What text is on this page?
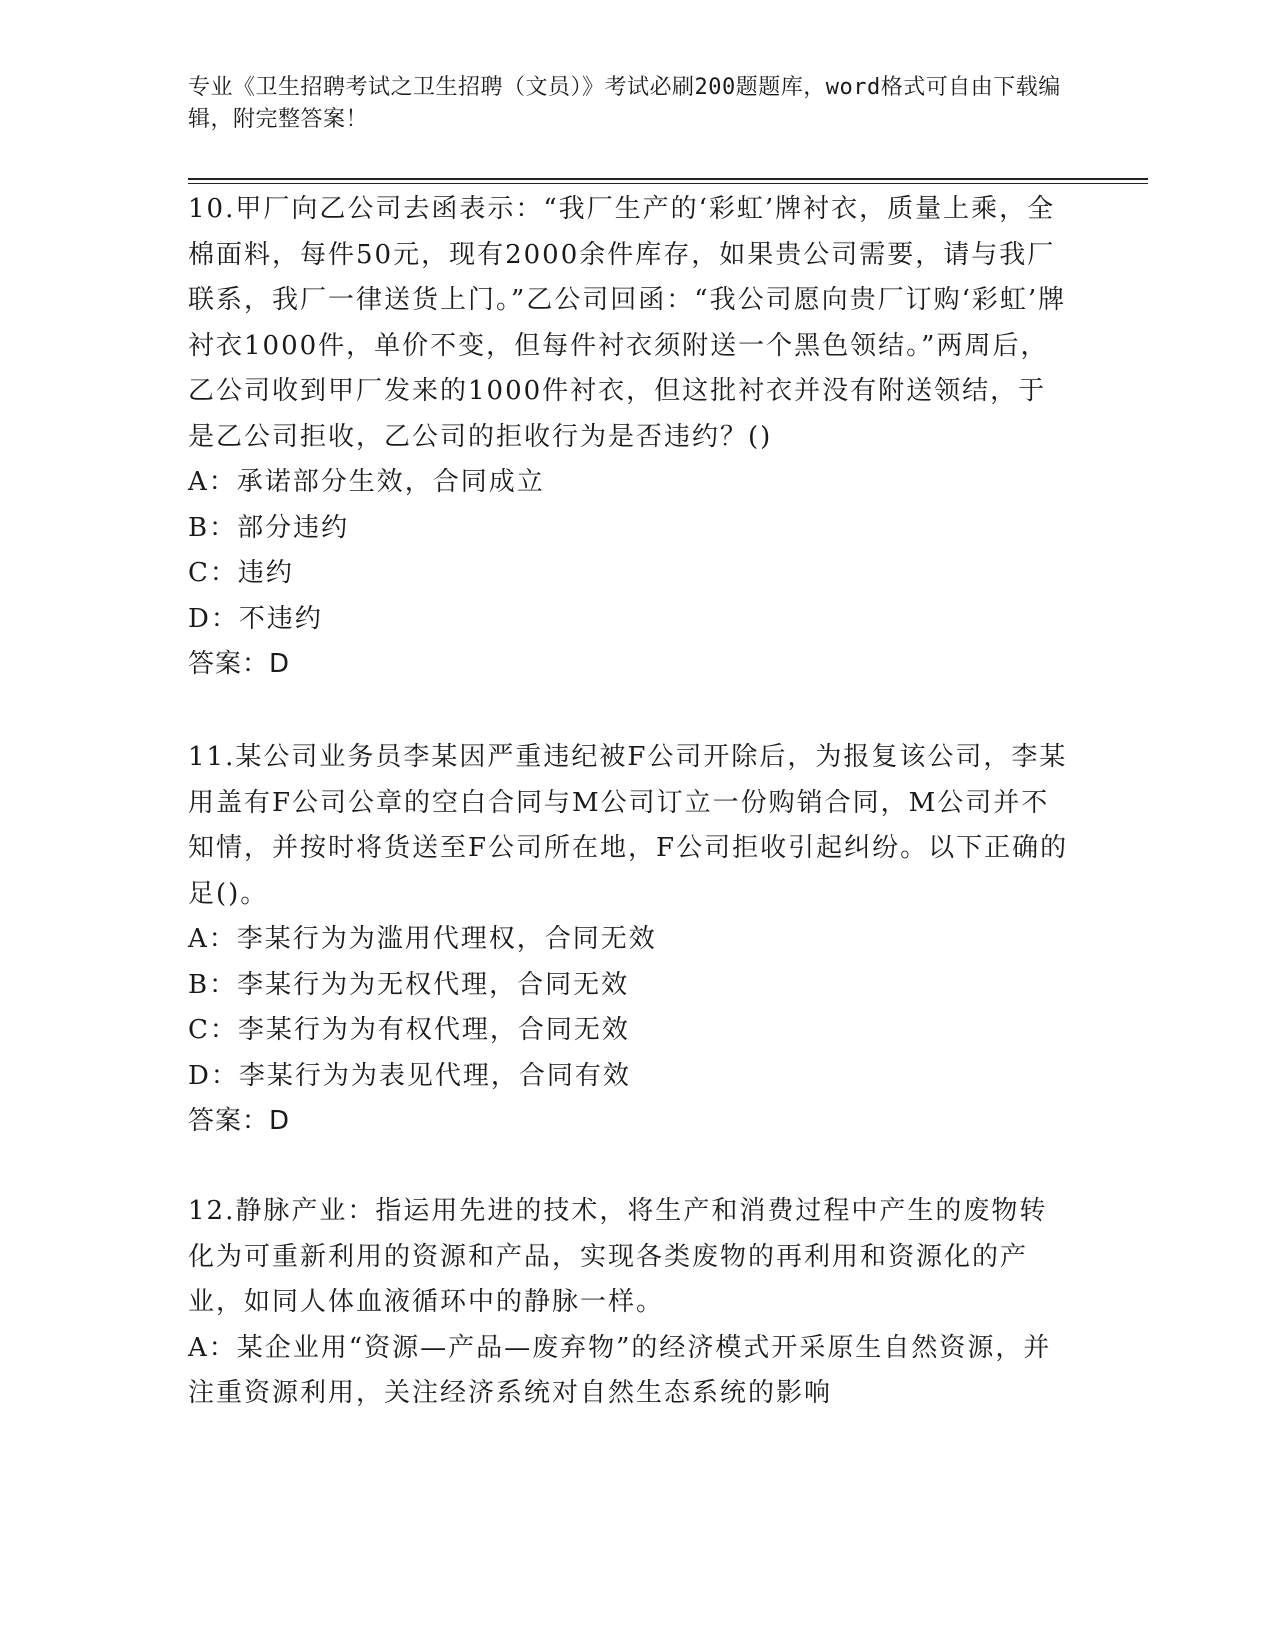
专业《卫生招聘考试之卫生招聘（文员）》考试必刷200题题库，word格式可自由下载编辑，附完整答案！

10.甲厂向乙公司去函表示：“我厂生产的‘彩虹’牌衬衣，质量上乘，全棉面料，每件50元，现有2000余件库存，如果贵公司需要，请与我厂联系，我厂一律送货上门。”乙公司回函：“我公司愿向贵厂订购‘彩虹’牌衬衣1000件，单价不变，但每件衬衣须附送一个黑色领结。”两周后，乙公司收到甲厂发来的1000件衬衣，但这批衬衣并没有附送领结，于是乙公司拒收，乙公司的拒收行为是否违约？()

A：承诺部分生效，合同成立

B：部分违约

C：违约

D：不违约

答案：D

11.某公司业务员李某因严重违纪被F公司开除后，为报复该公司，李某用盖有F公司公章的空白合同与M公司订立一份购销合同，M公司并不知情，并按时将货送至F公司所在地，F公司拒收引起纠纷。以下正确的足()。

A：李某行为为滥用代理权，合同无效

B：李某行为为无权代理，合同无效

C：李某行为为有权代理，合同无效

D：李某行为为表见代理，合同有效

答案：D

12.静脉产业：指运用先进的技术，将生产和消费过程中产生的废物转化为可重新利用的资源和产品，实现各类废物的再利用和资源化的产业，如同人体血液循环中的静脉一样。

A：某企业用“资源—产品—废弃物”的经济模式开采原生自然资源，并注重资源利用，关注经济系统对自然生态系统的影响
